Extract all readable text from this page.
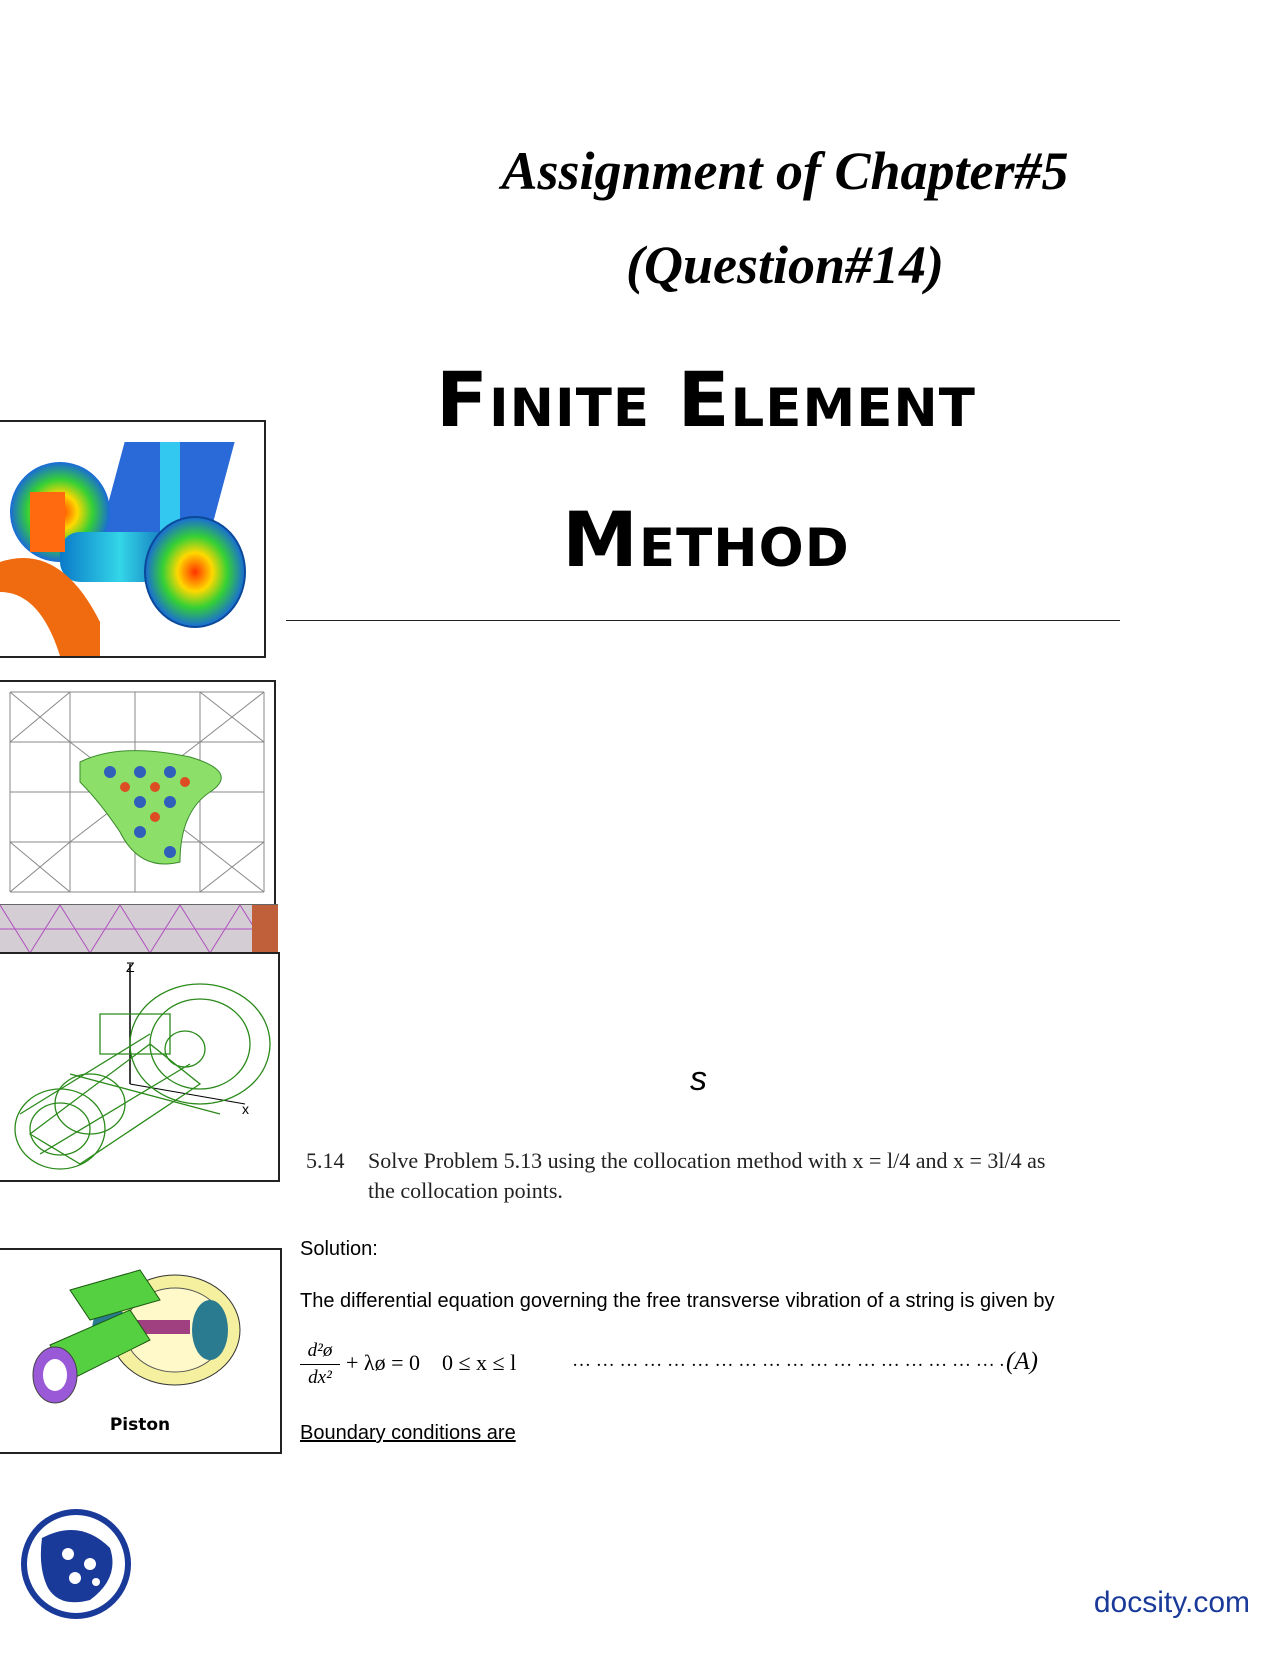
Assignment of Chapter#5
(Question#14)
Finite Element
Method
Z
x
Piston
s
5.14 Solve Problem 5.13 using the collocation method with x = l/4 and x = 3l/4 as
the collocation points.
Solution:
The differential equation governing the free transverse vibration of a string is given by
$\frac{\text{d²ø}}{\text{dx²}}$ + λø = 0    0 ≤ x ≤ l	… … … … … … … … … … … … … … … … … … . (A)
Boundary conditions are
docsity.com
